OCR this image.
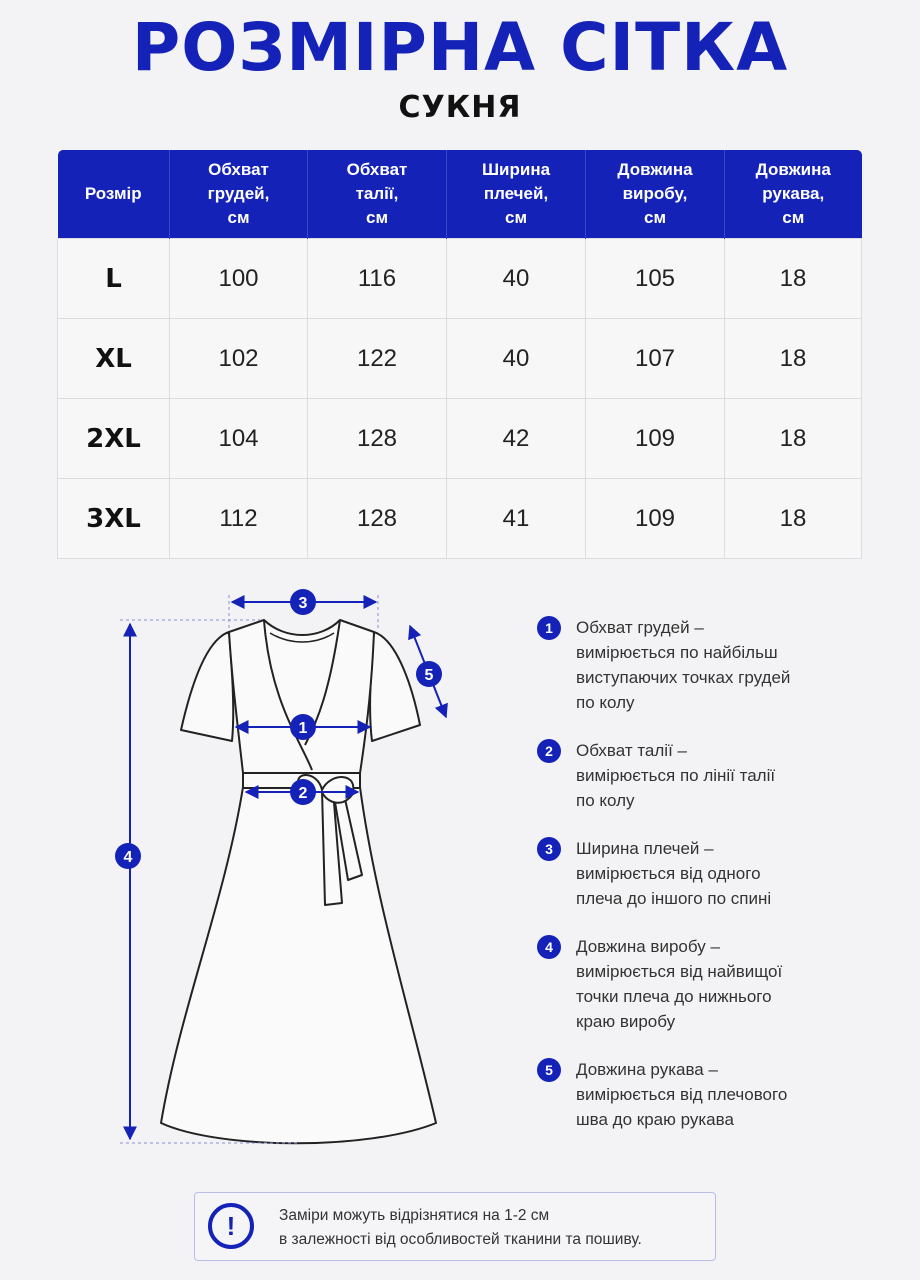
РОЗМІРНА СІТКА
СУКНЯ
Розмір	Обхват
грудей,
см	Обхват
талії,
см	Ширина
плечей,
см	Довжина
виробу,
см	Довжина
рукава,
см
L	100	116	40	105	18
XL	102	122	40	107	18
2XL	104	128	42	109	18
3XL	112	128	41	109	18
3
1
2
4
5
1	Обхват грудей –
вимірюється по найбільш
виступаючих точках грудей
по колу
2	Обхват талії –
вимірюється по лінії талії
по колу
3	Ширина плечей –
вимірюється від одного
плеча до іншого по спині
4	Довжина виробу –
вимірюється від найвищої
точки плеча до нижнього
краю виробу
5	Довжина рукава –
вимірюється від плечового
шва до краю рукава
!	Заміри можуть відрізнятися на 1-2 см
в залежності від особливостей тканини та пошиву.
